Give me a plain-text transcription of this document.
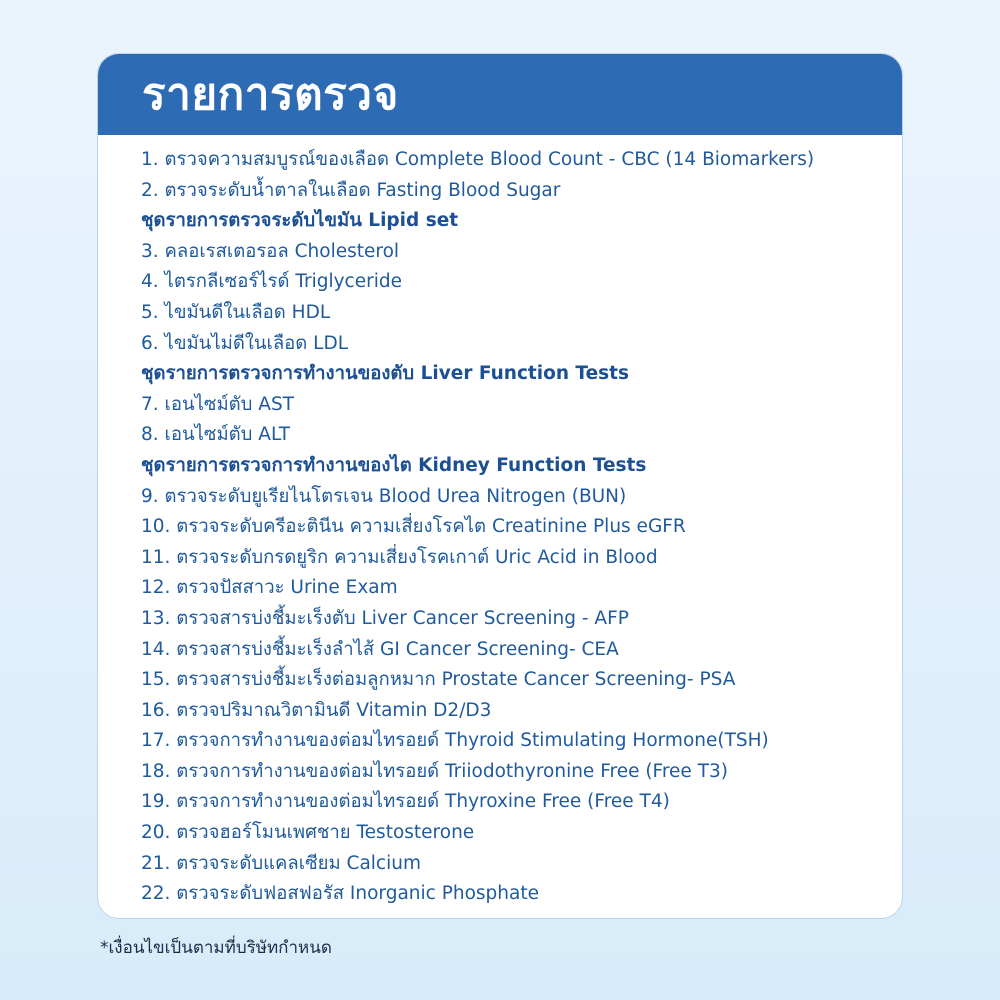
รายการตรวจ
1. ตรวจความสมบูรณ์ของเลือด Complete Blood Count - CBC (14 Biomarkers)
2. ตรวจระดับน้ำตาลในเลือด Fasting Blood Sugar
ชุดรายการตรวจระดับไขมัน Lipid set
3. คลอเรสเตอรอล Cholesterol
4. ไตรกลีเซอร์ไรด์ Triglyceride
5. ไขมันดีในเลือด HDL
6. ไขมันไม่ดีในเลือด LDL
ชุดรายการตรวจการทำงานของตับ Liver Function Tests
7. เอนไซม์ตับ AST
8. เอนไซม์ตับ ALT
ชุดรายการตรวจการทำงานของไต Kidney Function Tests
9. ตรวจระดับยูเรียไนโตรเจน Blood Urea Nitrogen (BUN)
10. ตรวจระดับครีอะตินีน ความเสี่ยงโรคไต Creatinine Plus eGFR
11. ตรวจระดับกรดยูริก ความเสี่ยงโรคเกาต์ Uric Acid in Blood
12. ตรวจปัสสาวะ Urine Exam
13. ตรวจสารบ่งชี้มะเร็งตับ Liver Cancer Screening - AFP
14. ตรวจสารบ่งชี้มะเร็งลำไส้ GI Cancer Screening- CEA
15. ตรวจสารบ่งชี้มะเร็งต่อมลูกหมาก Prostate Cancer Screening- PSA
16. ตรวจปริมาณวิตามินดี Vitamin D2/D3
17. ตรวจการทำงานของต่อมไทรอยด์ Thyroid Stimulating Hormone(TSH)
18. ตรวจการทำงานของต่อมไทรอยด์ Triiodothyronine Free (Free T3)
19. ตรวจการทำงานของต่อมไทรอยด์ Thyroxine Free (Free T4)
20. ตรวจฮอร์โมนเพศชาย Testosterone
21. ตรวจระดับแคลเซียม Calcium
22. ตรวจระดับฟอสฟอรัส Inorganic Phosphate

*เงื่อนไขเป็นตามที่บริษัทกำหนด
